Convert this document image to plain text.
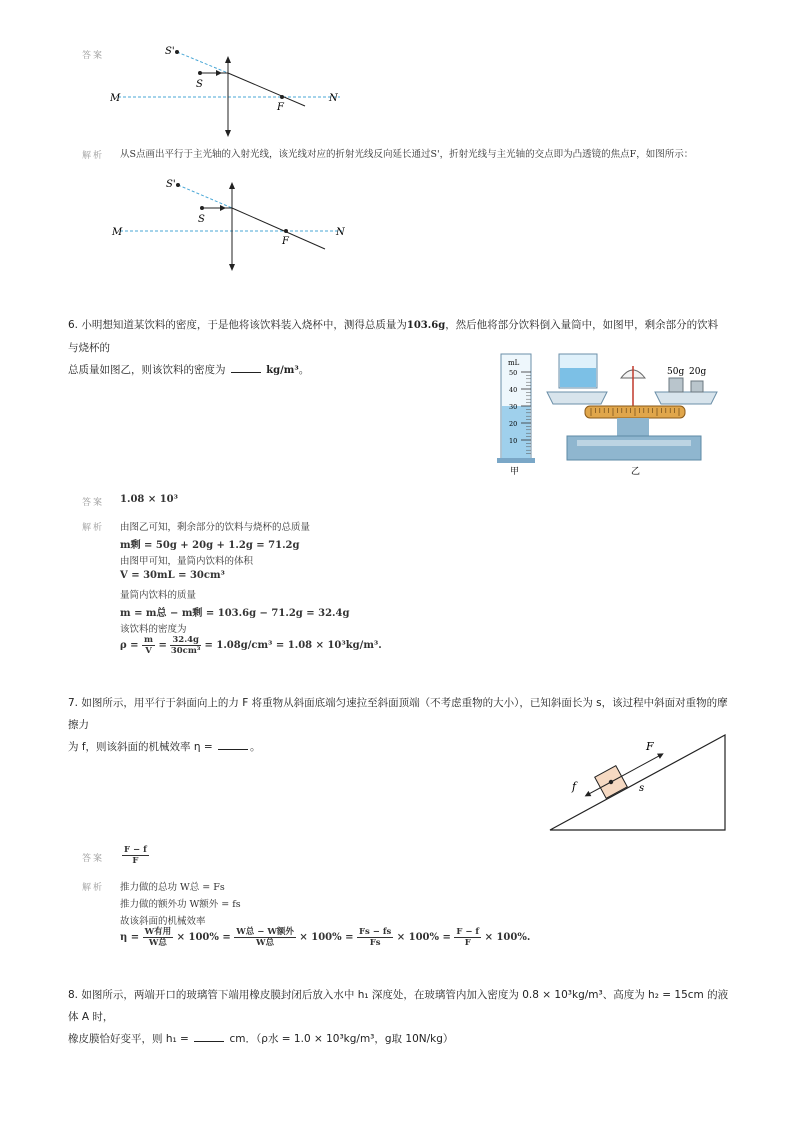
答案	S'
S
M	N
F
解析 从S点画出平行于主光轴的入射光线，该光线对应的折射光线反向延长通过S'，折射光线与主光轴的交点即为凸透镜的焦点F，如图所示：
S'
S
M	N
F
6. 小明想知道某饮料的密度，于是他将该饮料装入烧杯中，测得总质量为103.6g，然后他将部分饮料倒入量筒中，如图甲，剩余部分的饮料与烧杯的
总质量如图乙，则该饮料的密度为	kg/m³。
mL
50
40
30
20
10
甲
50g 20g
乙
答案 1.08 × 10³
解析 由图乙可知，剩余部分的饮料与烧杯的总质量
m剩 = 50g + 20g + 1.2g = 71.2g
由图甲可知，量筒内饮料的体积
V = 30mL = 30cm³
量筒内饮料的质量
m = m总 − m剩 = 103.6g − 71.2g = 32.4g
该饮料的密度为
$\rho = \frac{m}{V} = \frac{32.4g}{\text{30cm³}} = 1.08g/cm^3 = 1.08 \times 10^3kg/m^3$.
7. 如图所示，用平行于斜面向上的力 F 将重物从斜面底端匀速拉至斜面顶端（不考虑重物的大小），已知斜面长为 s，该过程中斜面对重物的摩擦力
为 f，则该斜面的机械效率 η =	。	F
f	s
答案 $\frac{F - f}{F}$
解析 推力做的总功 W总 = Fs
推力做的额外功 W额外 = fs
故该斜面的机械效率
$\eta = \frac{\text{W有用}}{\text{W总}} \times 100\% = \frac{\text{W总 − W额外}}{\text{W总}} \times 100\% = \frac{Fs - fs}{Fs} \times 100\% = \frac{F - f}{F} \times 100\%$.
8. 如图所示，两端开口的玻璃管下端用橡皮膜封闭后放入水中 h₁ 深度处，在玻璃管内加入密度为 0.8 × 10³kg/m³、高度为 h₂ = 15cm 的液体 A 时，
橡皮膜恰好变平，则 h₁ =	cm．（ρ水 = 1.0 × 10³kg/m³，g取 10N/kg）
